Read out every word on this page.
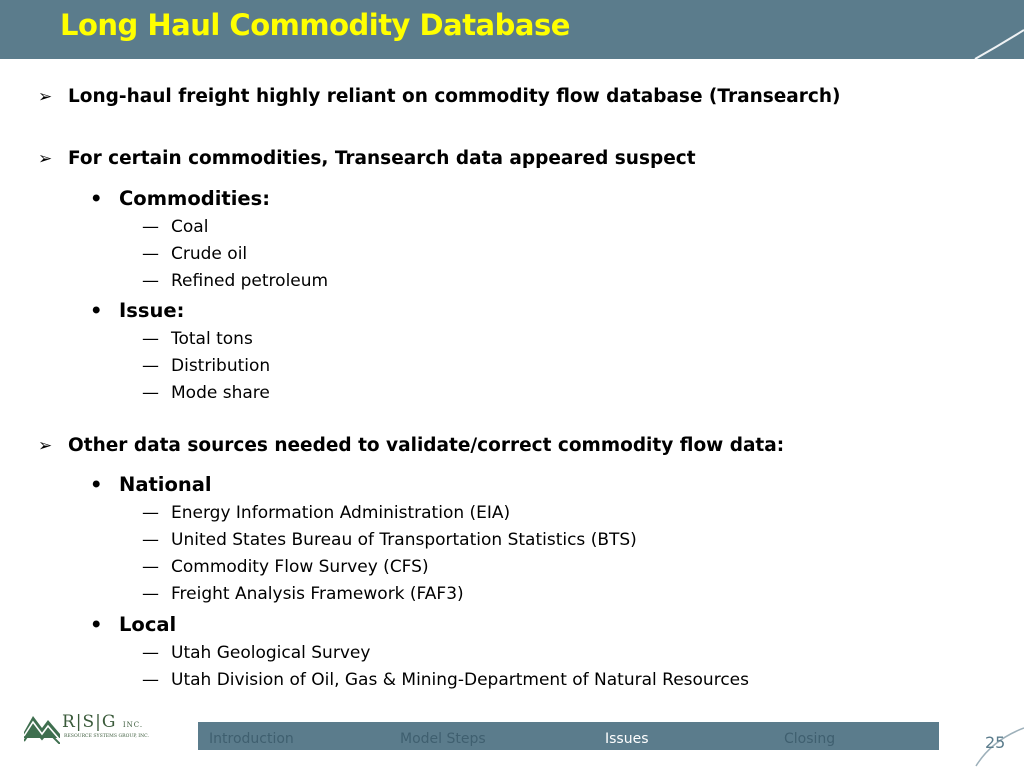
Long Haul Commodity Database
➢ Long-haul freight highly reliant on commodity flow database (Transearch)
➢ For certain commodities, Transearch data appeared suspect
• Commodities:
— Coal
— Crude oil
— Refined petroleum
• Issue:
— Total tons
— Distribution
— Mode share
➢ Other data sources needed to validate/correct commodity flow data:
• National
— Energy Information Administration (EIA)
— United States Bureau of Transportation Statistics (BTS)
— Commodity Flow Survey (CFS)
— Freight Analysis Framework (FAF3)
• Local
— Utah Geological Survey
— Utah Division of Oil, Gas & Mining-Department of Natural Resources
R|S|G INC.
RESOURCE SYSTEMS GROUP, INC.	Introduction	Model Steps	Issues	Closing	25
